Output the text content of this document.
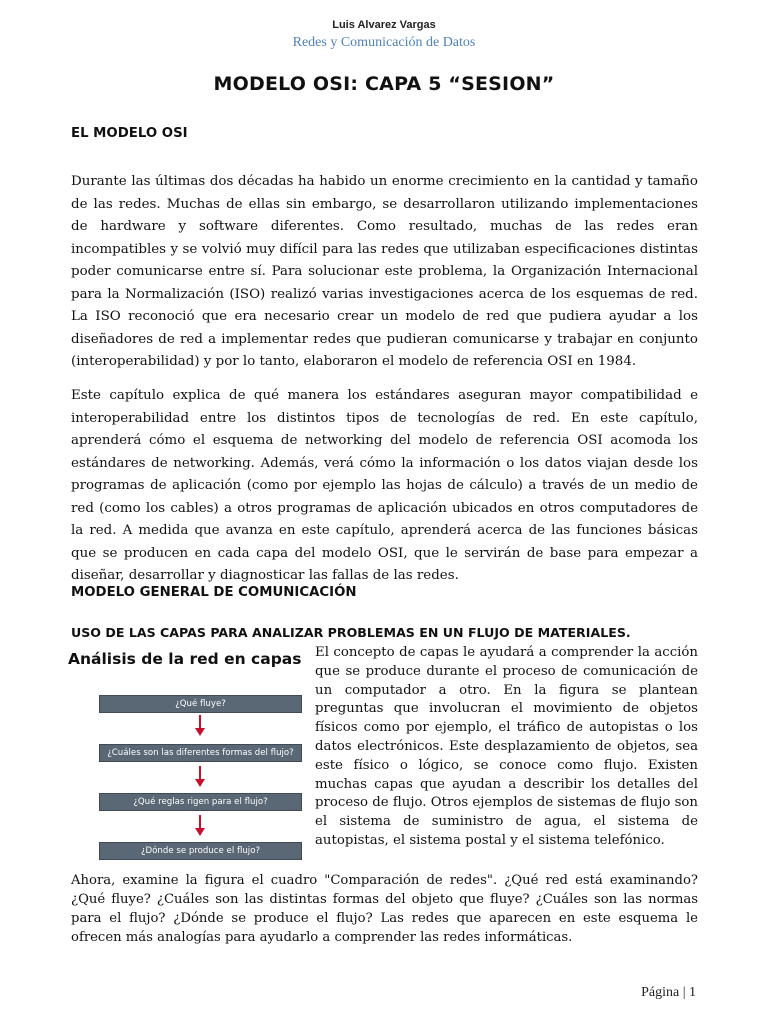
Luis Alvarez Vargas
Redes y Comunicación de Datos
MODELO OSI: CAPA 5 “SESION”
EL MODELO OSI

Durante las últimas dos décadas ha habido un enorme crecimiento en la cantidad y tamaño de las redes. Muchas de ellas sin embargo, se desarrollaron utilizando implementaciones de hardware y software diferentes. Como resultado, muchas de las redes eran incompatibles y se volvió muy difícil para las redes que utilizaban especificaciones distintas poder comunicarse entre sí. Para solucionar este problema, la Organización Internacional para la Normalización (ISO) realizó varias investigaciones acerca de los esquemas de red. La ISO reconoció que era necesario crear un modelo de red que pudiera ayudar a los diseñadores de red a implementar redes que pudieran comunicarse y trabajar en conjunto (interoperabilidad) y por lo tanto, elaboraron el modelo de referencia OSI en 1984.

Este capítulo explica de qué manera los estándares aseguran mayor compatibilidad e interoperabilidad entre los distintos tipos de tecnologías de red. En este capítulo, aprenderá cómo el esquema de networking del modelo de referencia OSI acomoda los estándares de networking. Además, verá cómo la información o los datos viajan desde los programas de aplicación (como por ejemplo las hojas de cálculo) a través de un medio de red (como los cables) a otros programas de aplicación ubicados en otros computadores de la red. A medida que avanza en este capítulo, aprenderá acerca de las funciones básicas que se producen en cada capa del modelo OSI, que le servirán de base para empezar a diseñar, desarrollar y diagnosticar las fallas de las redes.

MODELO GENERAL DE COMUNICACIÓN
USO DE LAS CAPAS PARA ANALIZAR PROBLEMAS EN UN FLUJO DE MATERIALES.
Análisis de la red en capas
¿Qué fluye?
¿Cuáles son las diferentes formas del flujo?
¿Qué reglas rigen para el flujo?
¿Dónde se produce el flujo?

El concepto de capas le ayudará a comprender la acción que se produce durante el proceso de comunicación de un computador a otro. En la figura se plantean preguntas que involucran el movimiento de objetos físicos como por ejemplo, el tráfico de autopistas o los datos electrónicos. Este desplazamiento de objetos, sea este físico o lógico, se conoce como flujo. Existen muchas capas que ayudan a describir los detalles del proceso de flujo. Otros ejemplos de sistemas de flujo son el sistema de suministro de agua, el sistema de autopistas, el sistema postal y el sistema telefónico.

Ahora, examine la figura el cuadro "Comparación de redes". ¿Qué red está examinando? ¿Qué fluye? ¿Cuáles son las distintas formas del objeto que fluye? ¿Cuáles son las normas para el flujo? ¿Dónde se produce el flujo? Las redes que aparecen en este esquema le ofrecen más analogías para ayudarlo a comprender las redes informáticas.

Página | 1
